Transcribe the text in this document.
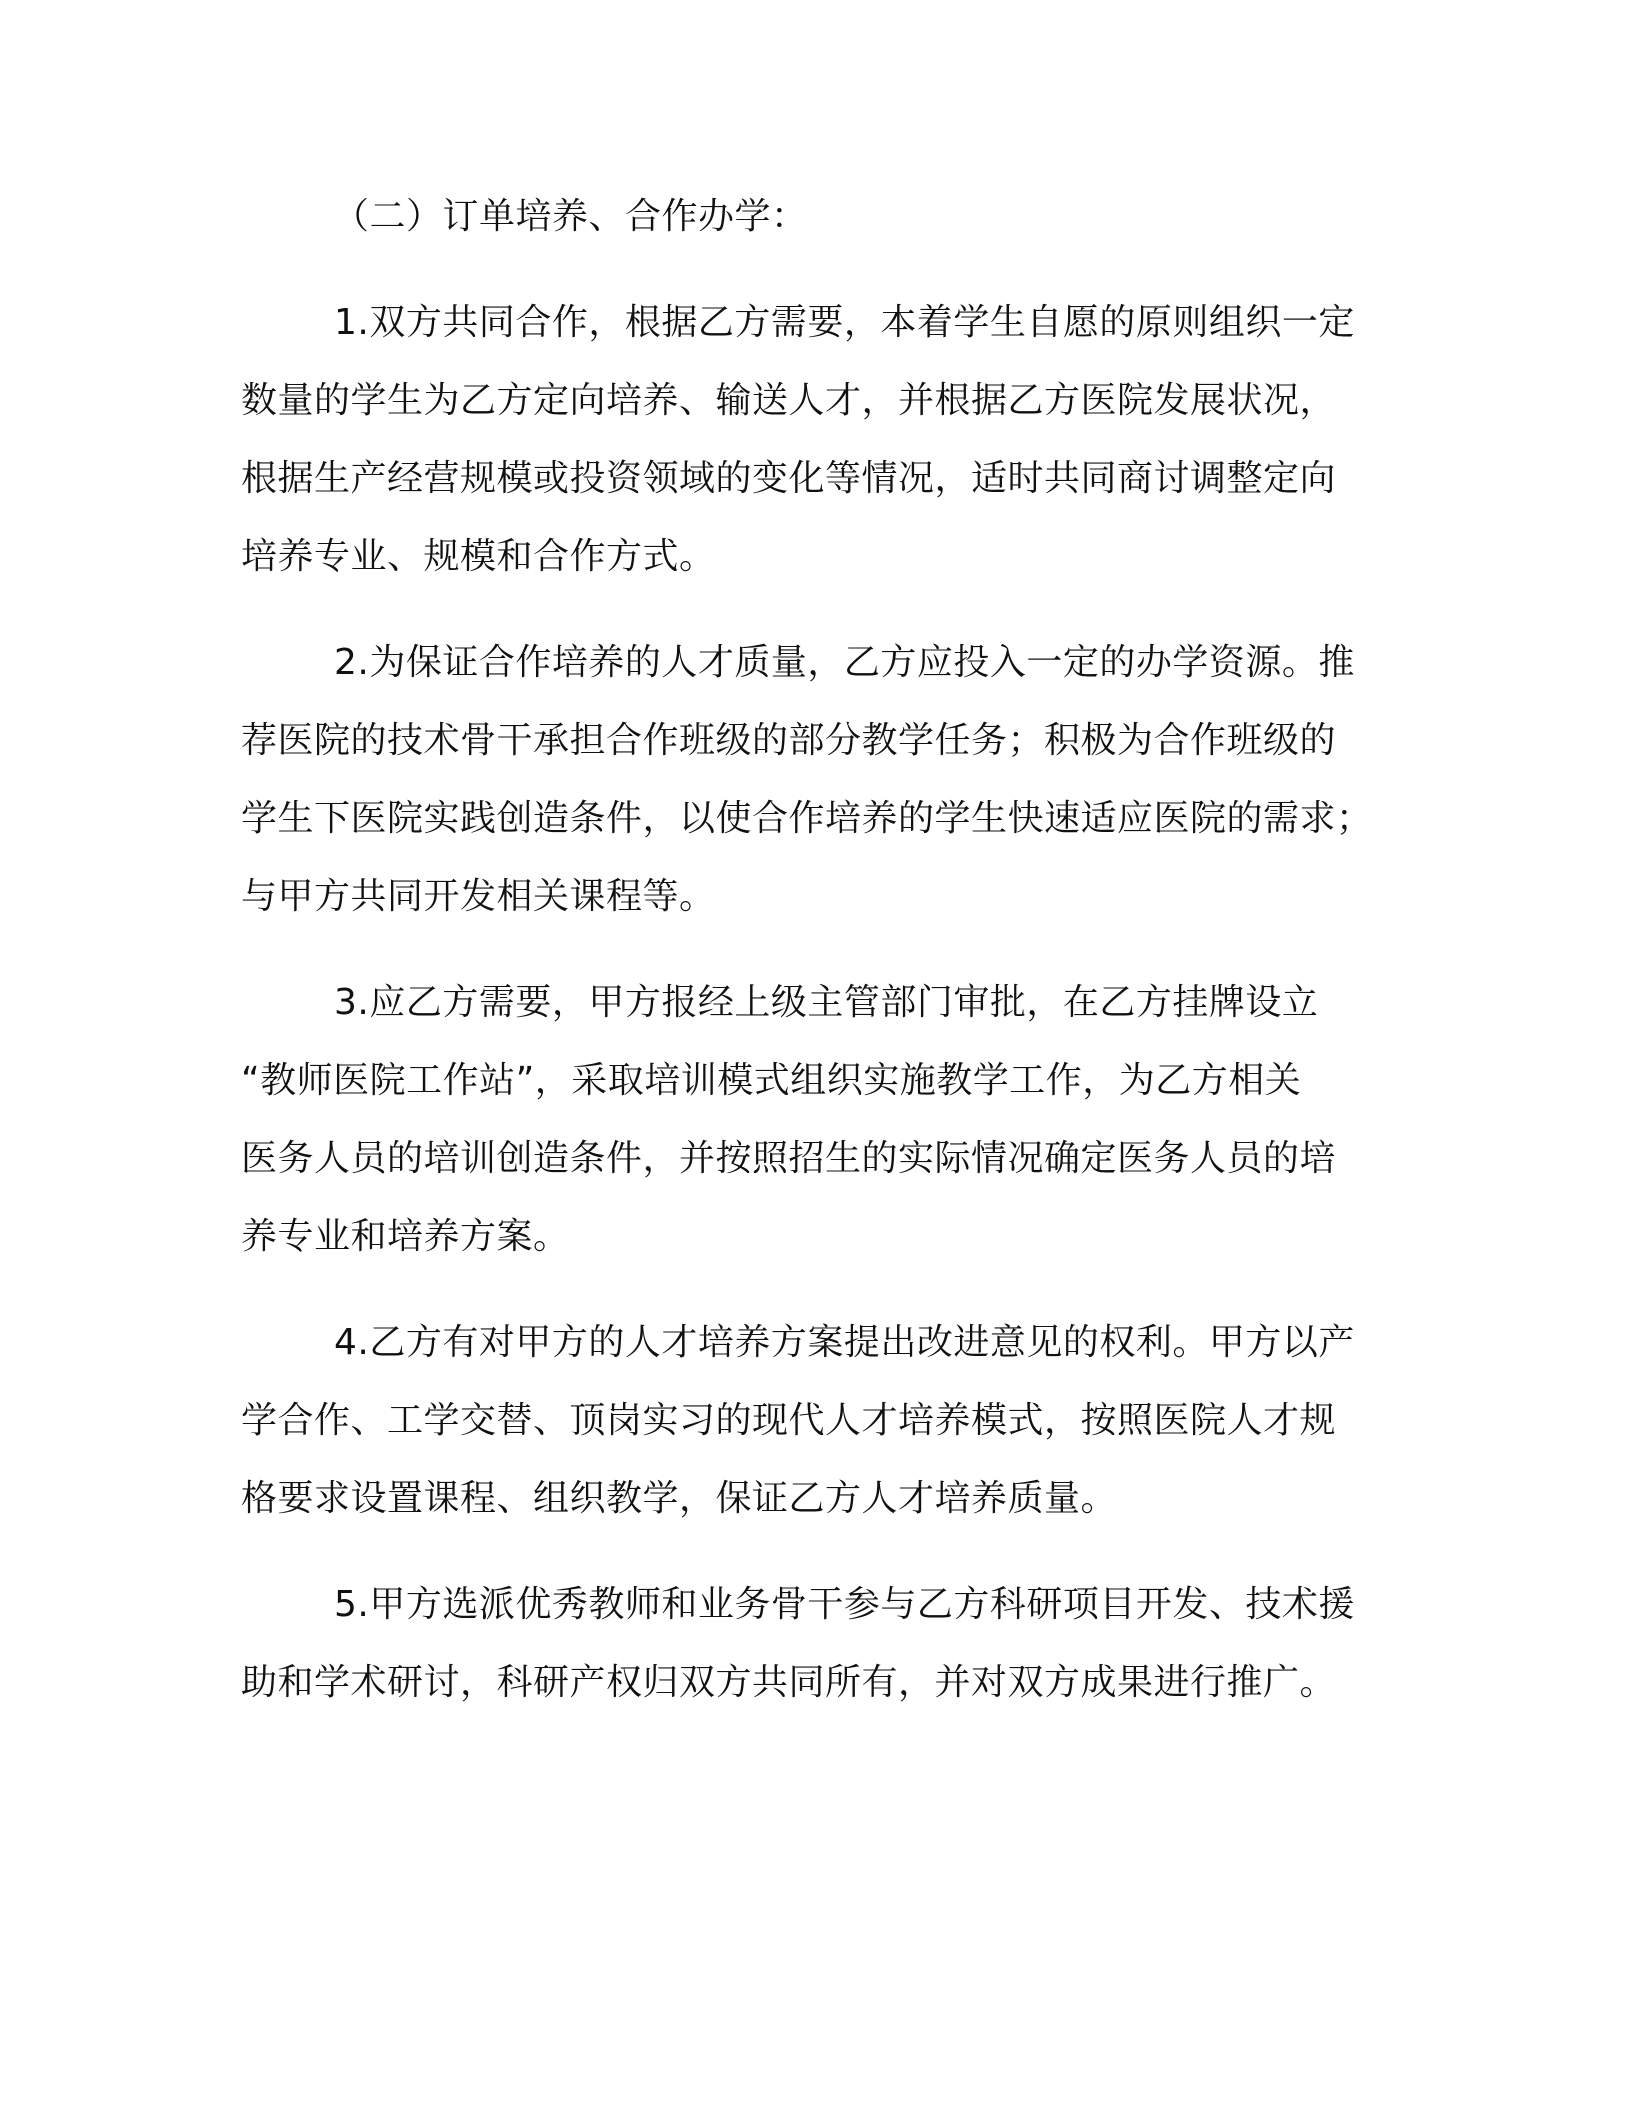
（二）订单培养、合作办学：
1.双方共同合作，根据乙方需要，本着学生自愿的原则组织一定
数量的学生为乙方定向培养、输送人才，并根据乙方医院发展状况，
根据生产经营规模或投资领域的变化等情况，适时共同商讨调整定向
培养专业、规模和合作方式。
2.为保证合作培养的人才质量，乙方应投入一定的办学资源。推
荐医院的技术骨干承担合作班级的部分教学任务；积极为合作班级的
学生下医院实践创造条件，以使合作培养的学生快速适应医院的需求；
与甲方共同开发相关课程等。
3.应乙方需要，甲方报经上级主管部门审批，在乙方挂牌设立
“教师医院工作站”，采取培训模式组织实施教学工作，为乙方相关
医务人员的培训创造条件，并按照招生的实际情况确定医务人员的培
养专业和培养方案。
4.乙方有对甲方的人才培养方案提出改进意见的权利。甲方以产
学合作、工学交替、顶岗实习的现代人才培养模式，按照医院人才规
格要求设置课程、组织教学，保证乙方人才培养质量。
5.甲方选派优秀教师和业务骨干参与乙方科研项目开发、技术援
助和学术研讨，科研产权归双方共同所有，并对双方成果进行推广。
